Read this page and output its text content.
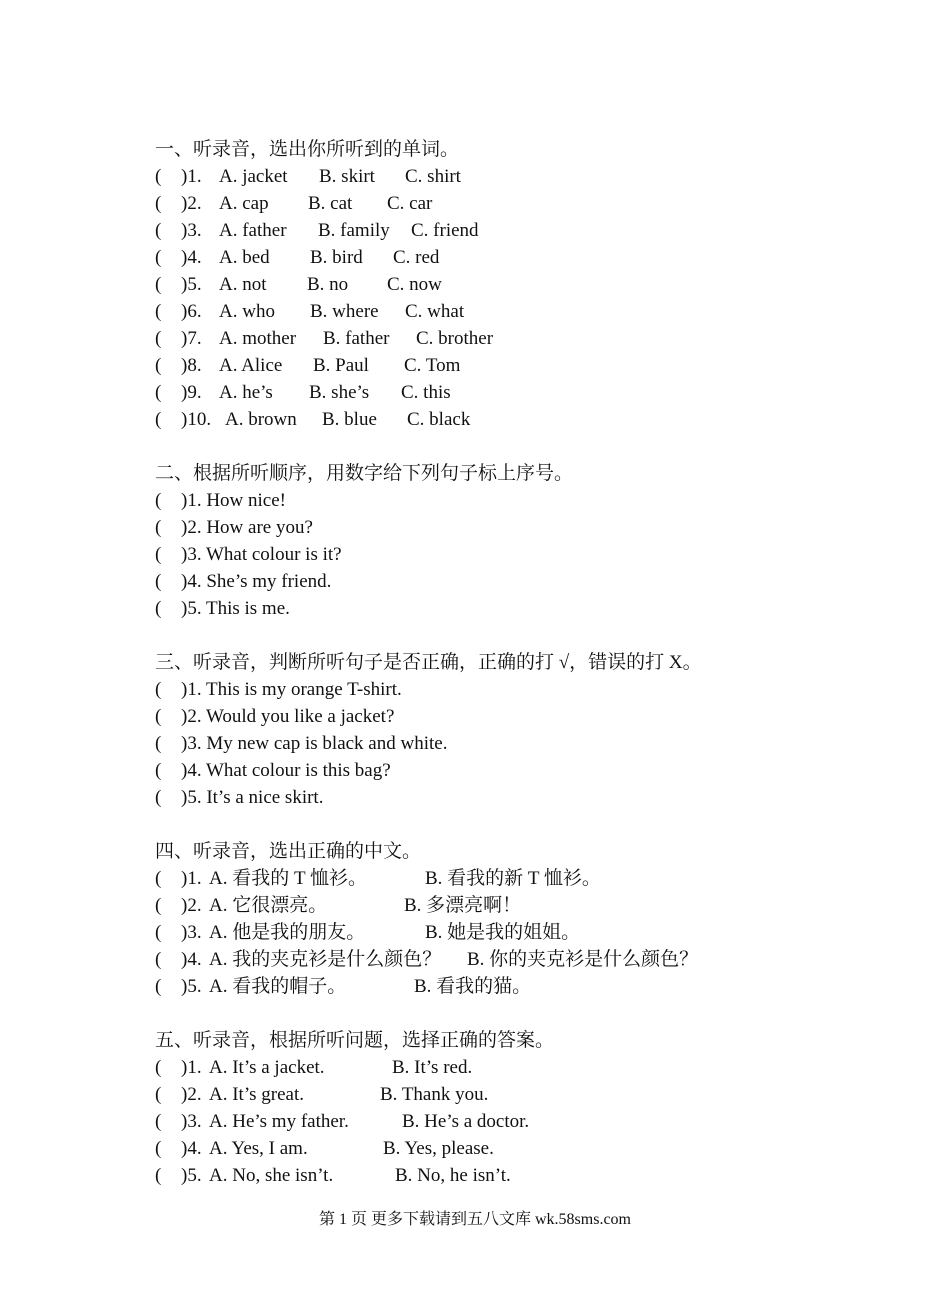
一、听录音，选出你所听到的单词。
( )1. A. jacket B. skirt C. shirt
( )2. A. cap B. cat C. car
( )3. A. father B. family C. friend
( )4. A. bed B. bird C. red
( )5. A. not B. no C. now
( )6. A. who B. where C. what
( )7. A. mother B. father C. brother
( )8. A. Alice B. Paul C. Tom
( )9. A. he’s B. she’s C. this
( )10. A. brown B. blue C. black
二、根据所听顺序，用数字给下列句子标上序号。
( )1. How nice!
( )2. How are you?
( )3. What colour is it?
( )4. She’s my friend.
( )5. This is me.
三、听录音，判断所听句子是否正确，正确的打 √，错误的打 X。
( )1. This is my orange T-shirt.
( )2. Would you like a jacket?
( )3. My new cap is black and white.
( )4. What colour is this bag?
( )5. It’s a nice skirt.
四、听录音，选出正确的中文。
( )1. A. 看我的 T 恤衫。	B. 看我的新 T 恤衫。
( )2. A. 它很漂亮。	B. 多漂亮啊！
( )3. A. 他是我的朋友。	B. 她是我的姐姐。
( )4. A. 我的夹克衫是什么颜色？ B. 你的夹克衫是什么颜色？
( )5. A. 看我的帽子。	B. 看我的猫。
五、听录音，根据所听问题，选择正确的答案。
( )1. A. It’s a jacket.	B. It’s red.
( )2. A. It’s great.	B. Thank you.
( )3. A. He’s my father.	B. He’s a doctor.
( )4. A. Yes, I am.	B. Yes, please.
( )5. A. No, she isn’t.	B. No, he isn’t.
第 1 页 更多下载请到五八文库 wk.58sms.com
